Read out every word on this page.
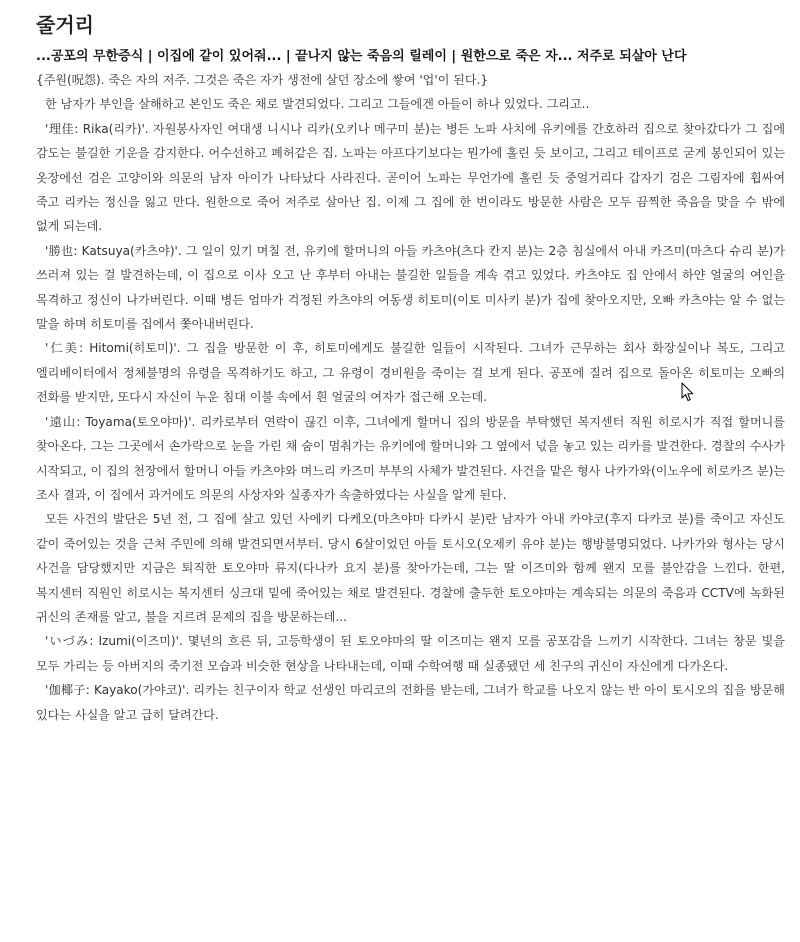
줄거리
...공포의 무한증식 | 이집에 같이 있어줘... | 끝나지 않는 죽음의 릴레이 | 원한으로 죽은 자... 저주로 되살아 난다

{주원(呪怨). 죽은 자의 저주. 그것은 죽은 자가 생전에 살던 장소에 쌓여 '업'이 된다.}

한 남자가 부인을 살해하고 본인도 죽은 채로 발견되었다. 그리고 그들에겐 아들이 하나 있었다. 그리고..

'理佳: Rika(리카)'. 자원봉사자인 여대생 니시나 리카(오키나 메구미 분)는 병든 노파 사치에 유키에를 간호하러 집으로 찾아갔다가 그 집에 감도는 불길한 기운을 감지한다. 어수선하고 폐허같은 집. 노파는 아프다기보다는 뭔가에 홀린 듯 보이고, 그리고 테이프로 굳게 봉인되어 있는 옷장에선 검은 고양이와 의문의 남자 아이가 나타났다 사라진다. 곧이어 노파는 무언가에 홀린 듯 중얼거리다 갑자기 검은 그림자에 휩싸여 죽고 리카는 정신을 잃고 만다. 원한으로 죽어 저주로 살아난 집. 이제 그 집에 한 번이라도 방문한 사람은 모두 끔찍한 죽음을 맞을 수 밖에 없게 되는데.

'勝也: Katsuya(카츠야)'. 그 일이 있기 며칠 전, 유키에 할머니의 아들 카츠야(츠다 칸지 분)는 2층 침실에서 아내 카즈미(마츠다 슈리 분)가 쓰러져 있는 걸 발견하는데, 이 집으로 이사 오고 난 후부터 아내는 불길한 일들을 계속 겪고 있었다. 카츠야도 집 안에서 하얀 얼굴의 여인을 목격하고 정신이 나가버린다. 이때 병든 엄마가 걱정된 카츠야의 여동생 히토미(이토 미사키 분)가 집에 찾아오지만, 오빠 카츠야는 알 수 없는 말을 하며 히토미를 집에서 쫓아내버린다.

'仁美: Hitomi(히토미)'. 그 집을 방문한 이 후, 히토미에게도 불길한 일들이 시작된다. 그녀가 근무하는 회사 화장실이나 복도, 그리고 엘리베이터에서 정체불명의 유령을 목격하기도 하고, 그 유령이 경비원을 죽이는 걸 보게 된다. 공포에 질려 집으로 돌아온 히토미는 오빠의 전화를 받지만, 또다시 자신이 누운 침대 이불 속에서 흰 얼굴의 여자가 접근해 오는데.

'遠山: Toyama(토오야마)'. 리카로부터 연락이 끊긴 이후, 그녀에게 할머니 집의 방문을 부탁했던 복지센터 직원 히로시가 직접 할머니를 찾아온다. 그는 그곳에서 손가락으로 눈을 가린 채 숨이 멈춰가는 유키에에 할머니와 그 옆에서 넋을 놓고 있는 리카를 발견한다. 경찰의 수사가 시작되고, 이 집의 천장에서 할머니 아들 카츠야와 며느리 카즈미 부부의 사체가 발견된다. 사건을 맡은 형사 나카가와(이노우에 히로카즈 분)는 조사 결과, 이 집에서 과거에도 의문의 사상자와 실종자가 속출하였다는 사실을 알게 된다.

모든 사건의 발단은 5년 전, 그 집에 살고 있던 사에키 다케오(마츠야마 다카시 분)란 남자가 아내 카야코(후지 다카코 분)를 죽이고 자신도 같이 죽어있는 것을 근처 주민에 의해 발견되면서부터. 당시 6살이었던 아들 토시오(오제키 유야 분)는 행방불명되었다. 나카가와 형사는 당시 사건을 담당했지만 지금은 퇴직한 토오야마 류지(다나카 요지 분)를 찾아가는데, 그는 딸 이즈미와 함께 왠지 모를 불안감을 느낀다. 한편, 복지센터 직원인 히로시는 복지센터 싱크대 밑에 죽어있는 채로 발견된다. 경찰에 출두한 토오야마는 계속되는 의문의 죽음과 CCTV에 녹화된 귀신의 존재를 알고, 불을 지르려 문제의 집을 방문하는데...

'いづみ: Izumi(이즈미)'. 몇년의 흐른 뒤, 고등학생이 된 토오야마의 딸 이즈미는 왠지 모를 공포감을 느끼기 시작한다. 그녀는 창문 빛을 모두 가리는 등 아버지의 죽기전 모습과 비슷한 현상을 나타내는데, 이때 수학여행 때 실종됐던 세 친구의 귀신이 자신에게 다가온다.

'伽椰子: Kayako(가야코)'. 리카는 친구이자 학교 선생인 마리코의 전화를 받는데, 그녀가 학교를 나오지 않는 반 아이 토시오의 집을 방문해 있다는 사실을 알고 급히 달려간다.
